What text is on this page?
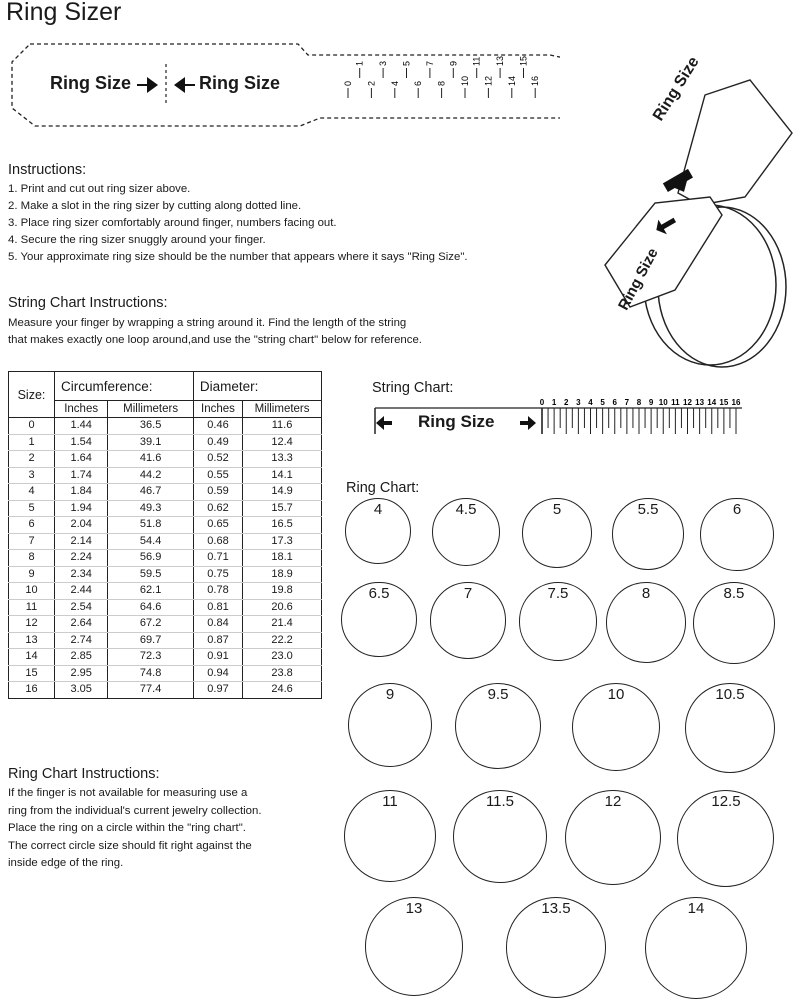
Ring Sizer
0 2 4 6 8 10 12 14 16
1 3 5 7 9 11 13 15
Ring Size	Ring Size	Ring Size
Ring Size
Instructions:
1. Print and cut out ring sizer above.
2. Make a slot in the ring sizer by cutting along dotted line.
3. Place ring sizer comfortably around finger, numbers facing out.
4. Secure the ring sizer snuggly around your finger.
5. Your approximate ring size should be the number that appears where it says "Ring Size".
String Chart Instructions:
Measure your finger by wrapping a string around it. Find the length of the string
that makes exactly one loop around,and use the "string chart" below for reference.
Size:	Circumference:		Diameter:	
	Inches	Millimeters	Inches	Millimeters
0	1.44	36.5	0.46	11.6
1	1.54	39.1	0.49	12.4
2	1.64	41.6	0.52	13.3
3	1.74	44.2	0.55	14.1
4	1.84	46.7	0.59	14.9
5	1.94	49.3	0.62	15.7
6	2.04	51.8	0.65	16.5
7	2.14	54.4	0.68	17.3
8	2.24	56.9	0.71	18.1
9	2.34	59.5	0.75	18.9
10	2.44	62.1	0.78	19.8
11	2.54	64.6	0.81	20.6
12	2.64	67.2	0.84	21.4
13	2.74	69.7	0.87	22.2
14	2.85	72.3	0.91	23.0
15	2.95	74.8	0.94	23.8
16	3.05	77.4	0.97	24.6
Ring Chart Instructions:
If the finger is not available for measuring use a
ring from the individual's current jewelry collection.
Place the ring on a circle within the "ring chart".
The correct circle size should fit right against the
inside edge of the ring.
String Chart:
0 1 2 3 4 5 6 7 8 9 10 11 12 13 14 15 16
Ring Size
Ring Chart:
4	4.5	5	5.5	6
6.5	7	7.5	8	8.5
9	9.5	10	10.5
11	11.5	12	12.5
13	13.5	14
